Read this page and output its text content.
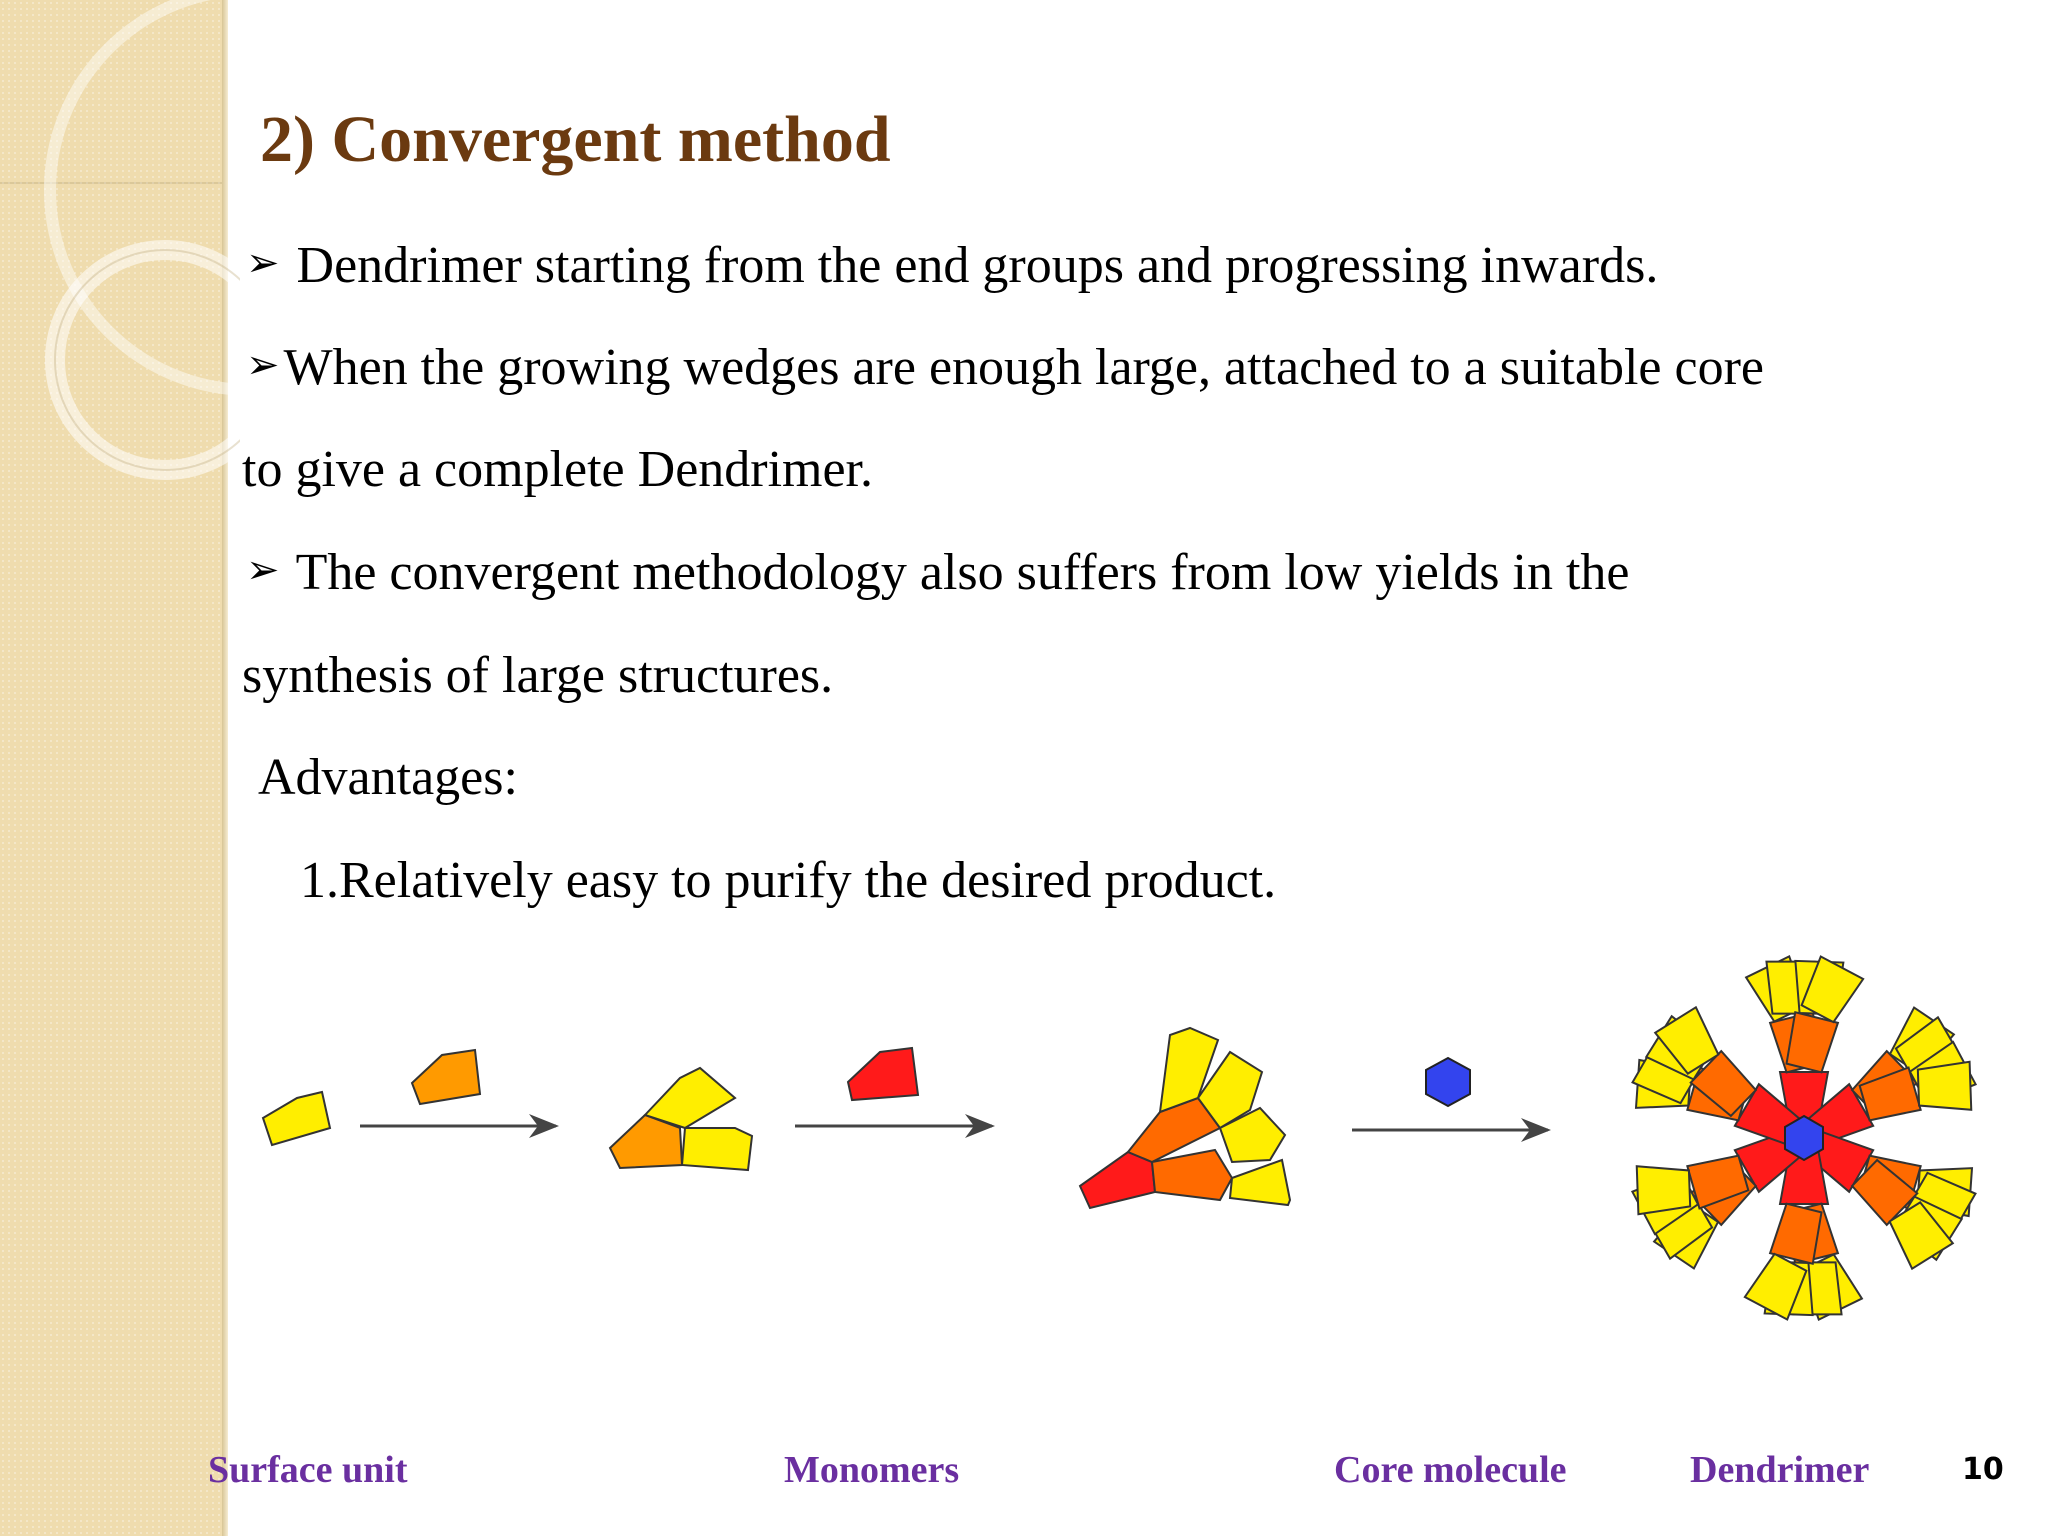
2) Convergent method
➢ Dendrimer starting from the end groups and progressing inwards.
➢When the growing wedges are enough large, attached to a suitable core
to give a complete Dendrimer.
➢ The convergent methodology also suffers from low yields in the
synthesis of large structures.
Advantages:
1.Relatively easy to purify the desired product.
Surface unit	Monomers	Core molecule	Dendrimer	10
